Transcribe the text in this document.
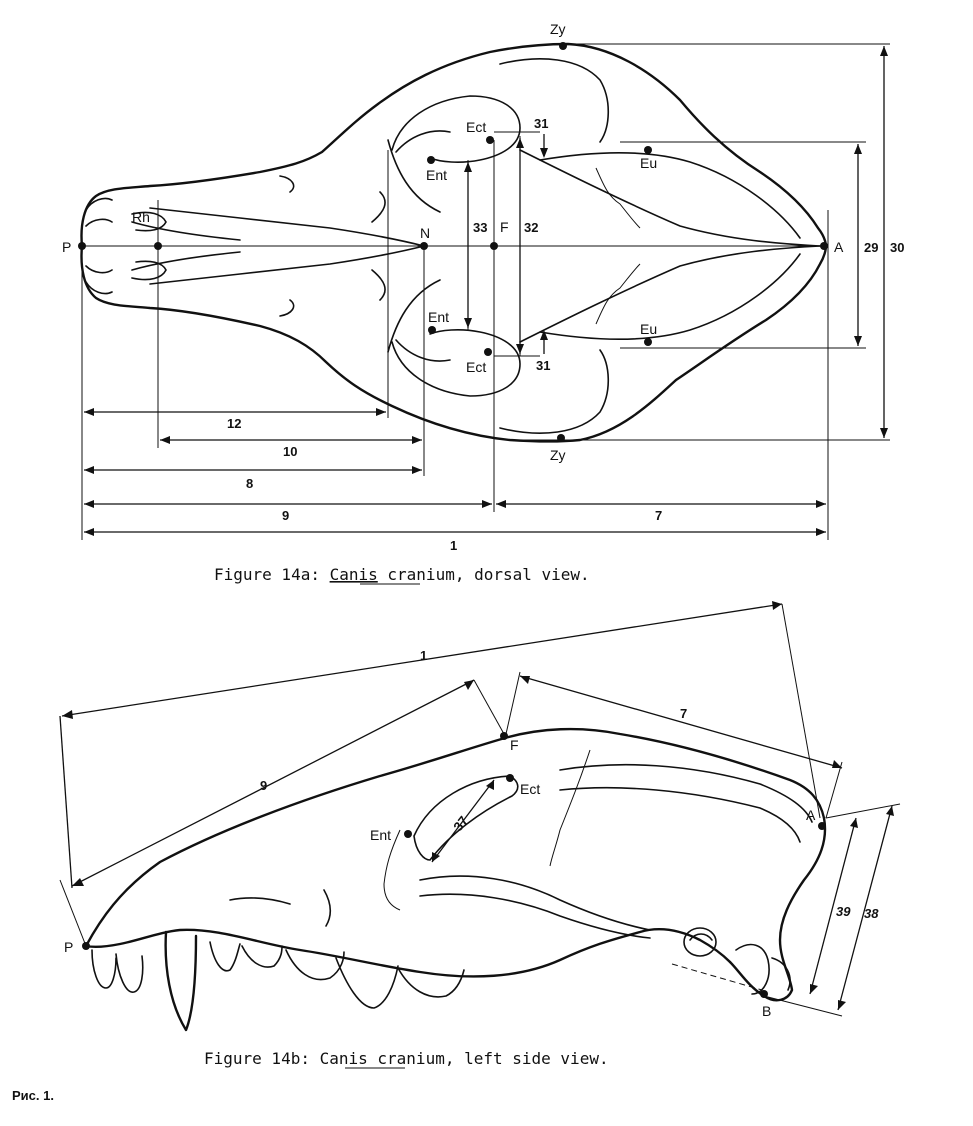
P
Rh
N	F
A
Zy
Zy
Ect
Ect
Ent
Ent
Eu
Eu
1
7
8
9
10
12
29 30
31
31
32
33
Figure 14a: Canis cranium, dorsal view.
P
F
Ect
Ent
A
B
1
7
9
37
38
39
Figure 14b: Canis cranium, left side view.
Рис. 1.
